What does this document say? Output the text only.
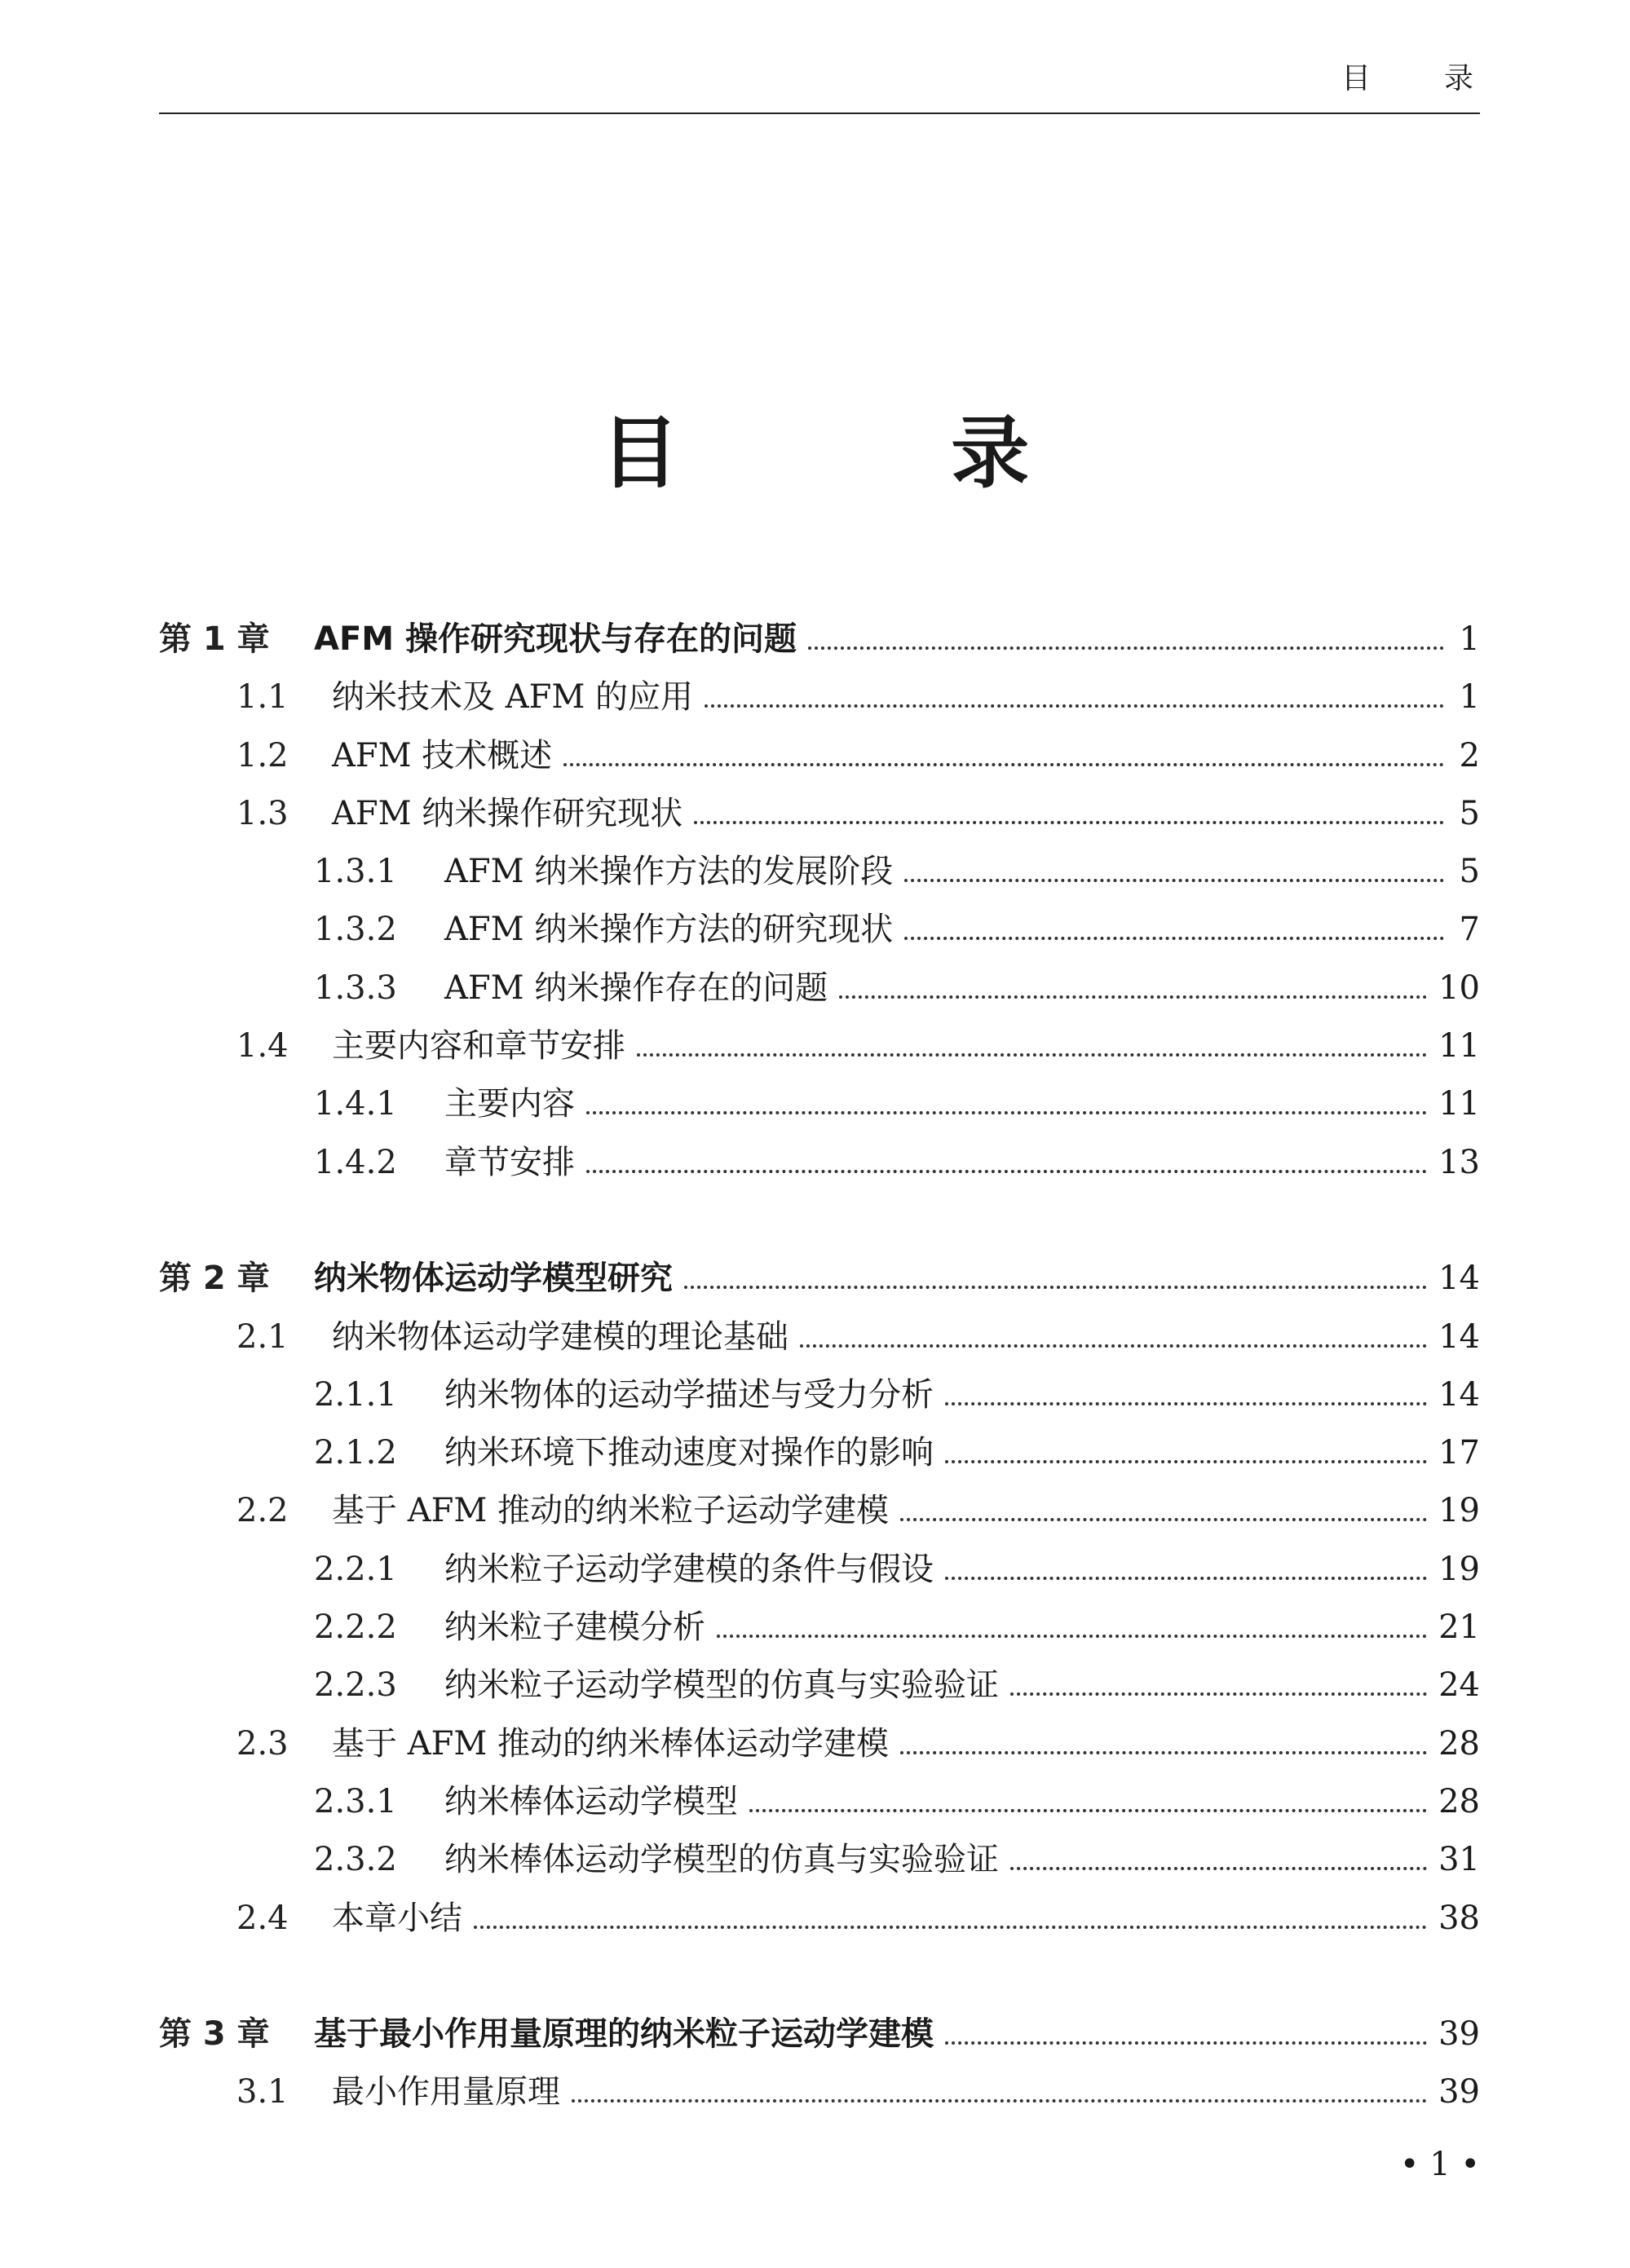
目录
目 录
第 1 章	AFM 操作研究现状与存在的问题	1
1.1	纳米技术及 AFM 的应用	1
1.2	AFM 技术概述	2
1.3	AFM 纳米操作研究现状	5
1.3.1	AFM 纳米操作方法的发展阶段	5
1.3.2	AFM 纳米操作方法的研究现状	7
1.3.3	AFM 纳米操作存在的问题	10
1.4	主要内容和章节安排	11
1.4.1	主要内容	11
1.4.2	章节安排	13
第 2 章	纳米物体运动学模型研究	14
2.1	纳米物体运动学建模的理论基础	14
2.1.1	纳米物体的运动学描述与受力分析	14
2.1.2	纳米环境下推动速度对操作的影响	17
2.2	基于 AFM 推动的纳米粒子运动学建模	19
2.2.1	纳米粒子运动学建模的条件与假设	19
2.2.2	纳米粒子建模分析	21
2.2.3	纳米粒子运动学模型的仿真与实验验证	24
2.3	基于 AFM 推动的纳米棒体运动学建模	28
2.3.1	纳米棒体运动学模型	28
2.3.2	纳米棒体运动学模型的仿真与实验验证	31
2.4	本章小结	38
第 3 章	基于最小作用量原理的纳米粒子运动学建模	39
3.1	最小作用量原理	39
• 1 •
